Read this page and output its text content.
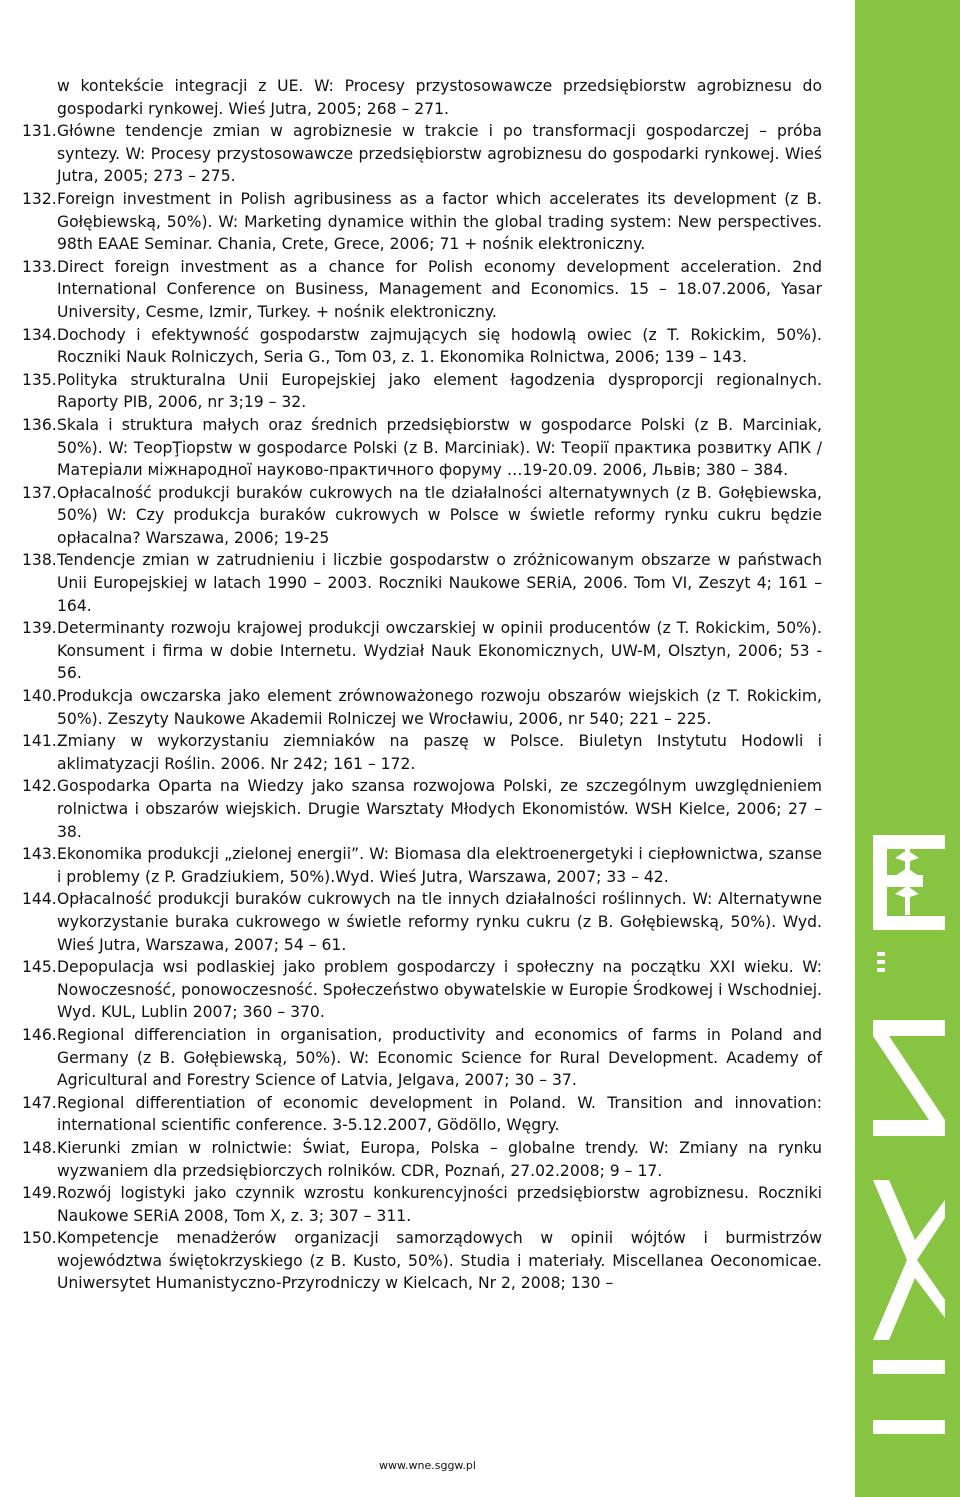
w kontekście integracji z UE. W: Procesy przystosowawcze przedsiębiorstw agrobiznesu do gospodarki rynkowej. Wieś Jutra, 2005; 268 – 271.
131. Główne tendencje zmian w agrobiznesie w trakcie i po transformacji gospodarczej – próba syntezy. W: Procesy przystosowawcze przedsiębiorstw agrobiznesu do gospodarki rynkowej. Wieś Jutra, 2005; 273 – 275.
132. Foreign investment in Polish agribusiness as a factor which accelerates its development (z B. Gołębiewską, 50%). W: Marketing dynamice within the global trading system: New perspectives. 98th EAAE Seminar. Chania, Crete, Grece, 2006; 71 + nośnik elektroniczny.
133. Direct foreign investment as a chance for Polish economy development acceleration. 2nd International Conference on Business, Management and Economics. 15 – 18.07.2006, Yasar University, Cesme, Izmir, Turkey. + nośnik elektroniczny.
134. Dochody i efektywność gospodarstw zajmujących się hodowlą owiec (z T. Rokickim, 50%). Roczniki Nauk Rolniczych, Seria G., Tom 03, z. 1. Ekonomika Rolnictwa, 2006; 139 – 143.
135. Polityka strukturalna Unii Europejskiej jako element łagodzenia dysproporcji regionalnych. Raporty PIB, 2006, nr 3;19 – 32.
136. Skala i struktura małych oraz średnich przedsiębiorstw w gospodarce Polski (z B. Marciniak, 50%). W: ТеорŢіорstw w gospodarce Polski (z B. Marciniak). W: Теорії практика розвитку АПК / Матеріали міжнародної науково-практичного форуму …19-20.09. 2006, Львів; 380 – 384.
137. Opłacalność produkcji buraków cukrowych na tle działalności alternatywnych (z B. Gołębiewska, 50%) W: Czy produkcja buraków cukrowych w Polsce w świetle reformy rynku cukru będzie opłacalna? Warszawa, 2006; 19-25
138. Tendencje zmian w zatrudnieniu i liczbie gospodarstw o zróżnicowanym obszarze w państwach Unii Europejskiej w latach 1990 – 2003. Roczniki Naukowe SERiA, 2006. Tom VI, Zeszyt 4; 161 – 164.
139. Determinanty rozwoju krajowej produkcji owczarskiej w opinii producentów (z T. Rokickim, 50%). Konsument i firma w dobie Internetu. Wydział Nauk Ekonomicznych, UW-M, Olsztyn, 2006; 53 - 56.
140. Produkcja owczarska jako element zrównoważonego rozwoju obszarów wiejskich (z T. Rokickim, 50%). Zeszyty Naukowe Akademii Rolniczej we Wrocławiu, 2006, nr 540; 221 – 225.
141. Zmiany w wykorzystaniu ziemniaków na paszę w Polsce. Biuletyn Instytutu Hodowli i aklimatyzacji Roślin. 2006. Nr 242; 161 – 172.
142. Gospodarka Oparta na Wiedzy jako szansa rozwojowa Polski, ze szczególnym uwzględnieniem rolnictwa i obszarów wiejskich. Drugie Warsztaty Młodych Ekonomistów. WSH Kielce, 2006; 27 – 38.
143. Ekonomika produkcji „zielonej energii”. W: Biomasa dla elektroenergetyki i ciepłownictwa, szanse i problemy (z P. Gradziukiem, 50%).Wyd. Wieś Jutra, Warszawa, 2007; 33 – 42.
144. Opłacalność produkcji buraków cukrowych na tle innych działalności roślinnych. W: Alternatywne wykorzystanie buraka cukrowego w świetle reformy rynku cukru (z B. Gołębiewską, 50%). Wyd. Wieś Jutra, Warszawa, 2007; 54 – 61.
145. Depopulacja wsi podlaskiej jako problem gospodarczy i społeczny na początku XXI wieku. W: Nowoczesność, ponowoczesność. Społeczeństwo obywatelskie w Europie Środkowej i Wschodniej. Wyd. KUL, Lublin 2007; 360 – 370.
146. Regional differenciation in organisation, productivity and economics of farms in Poland and Germany (z B. Gołębiewską, 50%). W: Economic Science for Rural Development. Academy of Agricultural and Forestry Science of Latvia, Jelgava, 2007; 30 – 37.
147. Regional differentiation of economic development in Poland. W. Transition and innovation: international scientific conference. 3-5.12.2007, Gödöllo, Węgry.
148. Kierunki zmian w rolnictwie: Świat, Europa, Polska – globalne trendy. W: Zmiany na rynku wyzwaniem dla przedsiębiorczych rolników. CDR, Poznań, 27.02.2008; 9 – 17.
149. Rozwój logistyki jako czynnik wzrostu konkurencyjności przedsiębiorstw agrobiznesu. Roczniki Naukowe SERiA 2008, Tom X, z. 3; 307 – 311.
150. Kompetencje menadżerów organizacji samorządowych w opinii wójtów i burmistrzów województwa świętokrzyskiego (z B. Kusto, 50%). Studia i materiały. Miscellanea Oeconomicae. Uniwersytet Humanistyczno-Przyrodniczy w Kielcach, Nr 2, 2008; 130 –
www.wne.sggw.pl
